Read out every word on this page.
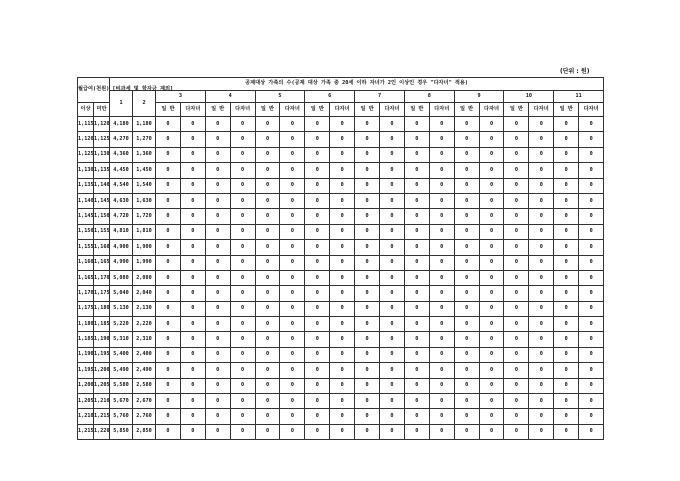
(단위 : 원)
월급여(천원) [비과세 및 학자금 제외]		공제대상 가족의 수(공제 대상 가족 중 20세 이하 자녀가 2인 이상인 경우 "다자녀" 적용)																			
		1	2	3		4		5		6		7		8		9		10		11	
이상	미만			일 반	다자녀	일 반	다자녀	일 반	다자녀	일 반	다자녀	일 반	다자녀	일 반	다자녀	일 반	다자녀	일 반	다자녀	일 반	다자녀
1,115	1,120	4,180	1,180	0	0	0	0	0	0	0	0	0	0	0	0	0	0	0	0	0	0
1,120	1,125	4,270	1,270	0	0	0	0	0	0	0	0	0	0	0	0	0	0	0	0	0	0
1,125	1,130	4,360	1,360	0	0	0	0	0	0	0	0	0	0	0	0	0	0	0	0	0	0
1,130	1,135	4,450	1,450	0	0	0	0	0	0	0	0	0	0	0	0	0	0	0	0	0	0
1,135	1,140	4,540	1,540	0	0	0	0	0	0	0	0	0	0	0	0	0	0	0	0	0	0
1,140	1,145	4,630	1,630	0	0	0	0	0	0	0	0	0	0	0	0	0	0	0	0	0	0
1,145	1,150	4,720	1,720	0	0	0	0	0	0	0	0	0	0	0	0	0	0	0	0	0	0
1,150	1,155	4,810	1,810	0	0	0	0	0	0	0	0	0	0	0	0	0	0	0	0	0	0
1,155	1,160	4,900	1,900	0	0	0	0	0	0	0	0	0	0	0	0	0	0	0	0	0	0
1,160	1,165	4,990	1,990	0	0	0	0	0	0	0	0	0	0	0	0	0	0	0	0	0	0
1,165	1,170	5,080	2,080	0	0	0	0	0	0	0	0	0	0	0	0	0	0	0	0	0	0
1,170	1,175	5,040	2,040	0	0	0	0	0	0	0	0	0	0	0	0	0	0	0	0	0	0
1,175	1,180	5,130	2,130	0	0	0	0	0	0	0	0	0	0	0	0	0	0	0	0	0	0
1,180	1,185	5,220	2,220	0	0	0	0	0	0	0	0	0	0	0	0	0	0	0	0	0	0
1,185	1,190	5,310	2,310	0	0	0	0	0	0	0	0	0	0	0	0	0	0	0	0	0	0
1,190	1,195	5,400	2,400	0	0	0	0	0	0	0	0	0	0	0	0	0	0	0	0	0	0
1,195	1,200	5,490	2,490	0	0	0	0	0	0	0	0	0	0	0	0	0	0	0	0	0	0
1,200	1,205	5,580	2,580	0	0	0	0	0	0	0	0	0	0	0	0	0	0	0	0	0	0
1,205	1,210	5,670	2,670	0	0	0	0	0	0	0	0	0	0	0	0	0	0	0	0	0	0
1,210	1,215	5,760	2,760	0	0	0	0	0	0	0	0	0	0	0	0	0	0	0	0	0	0
1,215	1,220	5,850	2,850	0	0	0	0	0	0	0	0	0	0	0	0	0	0	0	0	0	0
